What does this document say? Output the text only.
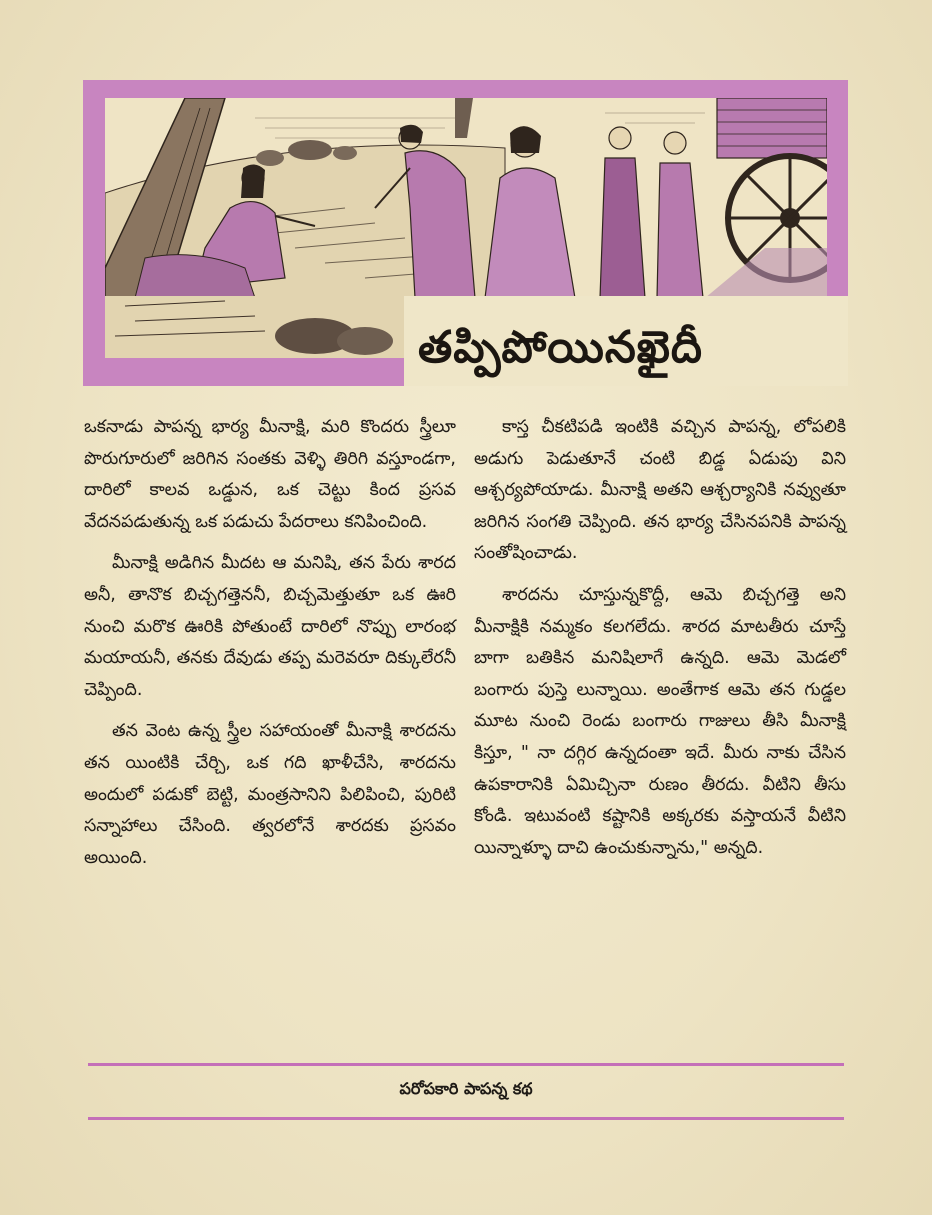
తప్పిపోయినఖైదీ

ఒకనాడు పాపన్న భార్య మీనాక్షి, మరి కొందరు స్త్రీలూ పొరుగూరులో జరిగిన సంతకు వెళ్ళి తిరిగి వస్తూండగా, దారిలో కాలవ ఒడ్డున, ఒక చెట్టు కింద ప్రసవ వేదనపడుతున్న ఒక పడుచు పేదరాలు కనిపించింది.

మీనాక్షి అడిగిన మీదట ఆ మనిషి, తన పేరు శారద అనీ, తానొక బిచ్చగత్తెననీ, బిచ్చమెత్తుతూ ఒక ఊరి నుంచి మరొక ఊరికి పోతుంటే దారిలో నొప్పు లారంభ మయాయనీ, తనకు దేవుడు తప్ప మరెవరూ దిక్కులేరనీ చెప్పింది.

తన వెంట ఉన్న స్త్రీల సహాయంతో మీనాక్షి శారదను తన యింటికి చేర్చి, ఒక గది ఖాళీచేసి, శారదను అందులో పడుకో బెట్టి, మంత్రసానిని పిలిపించి, పురిటి సన్నాహాలు చేసింది. త్వరలోనే శారదకు ప్రసవం అయింది.

కాస్త చీకటిపడి ఇంటికి వచ్చిన పాపన్న, లోపలికి అడుగు పెడుతూనే చంటి బిడ్డ ఏడుపు విని ఆశ్చర్యపోయాడు. మీనాక్షి అతని ఆశ్చర్యానికి నవ్వుతూ జరిగిన సంగతి చెప్పింది. తన భార్య చేసినపనికి పాపన్న సంతోషించాడు.

శారదను చూస్తున్నకొద్దీ, ఆమె బిచ్చగత్తె అని మీనాక్షికి నమ్మకం కలగలేదు. శారద మాటతీరు చూస్తే బాగా బతికిన మనిషిలాగే ఉన్నది. ఆమె మెడలో బంగారు పుస్తె లున్నాయి. అంతేగాక ఆమె తన గుడ్డల మూట నుంచి రెండు బంగారు గాజులు తీసి మీనాక్షి కిస్తూ, " నా దగ్గిర ఉన్నదంతా ఇదే. మీరు నాకు చేసిన ఉపకారానికి ఏమిచ్చినా రుణం తీరదు. వీటిని తీసు కోండి. ఇటువంటి కష్టానికి అక్కరకు వస్తాయనే వీటిని యిన్నాళ్ళూ దాచి ఉంచుకున్నాను," అన్నది.

పరోపకారి పాపన్న కథ
